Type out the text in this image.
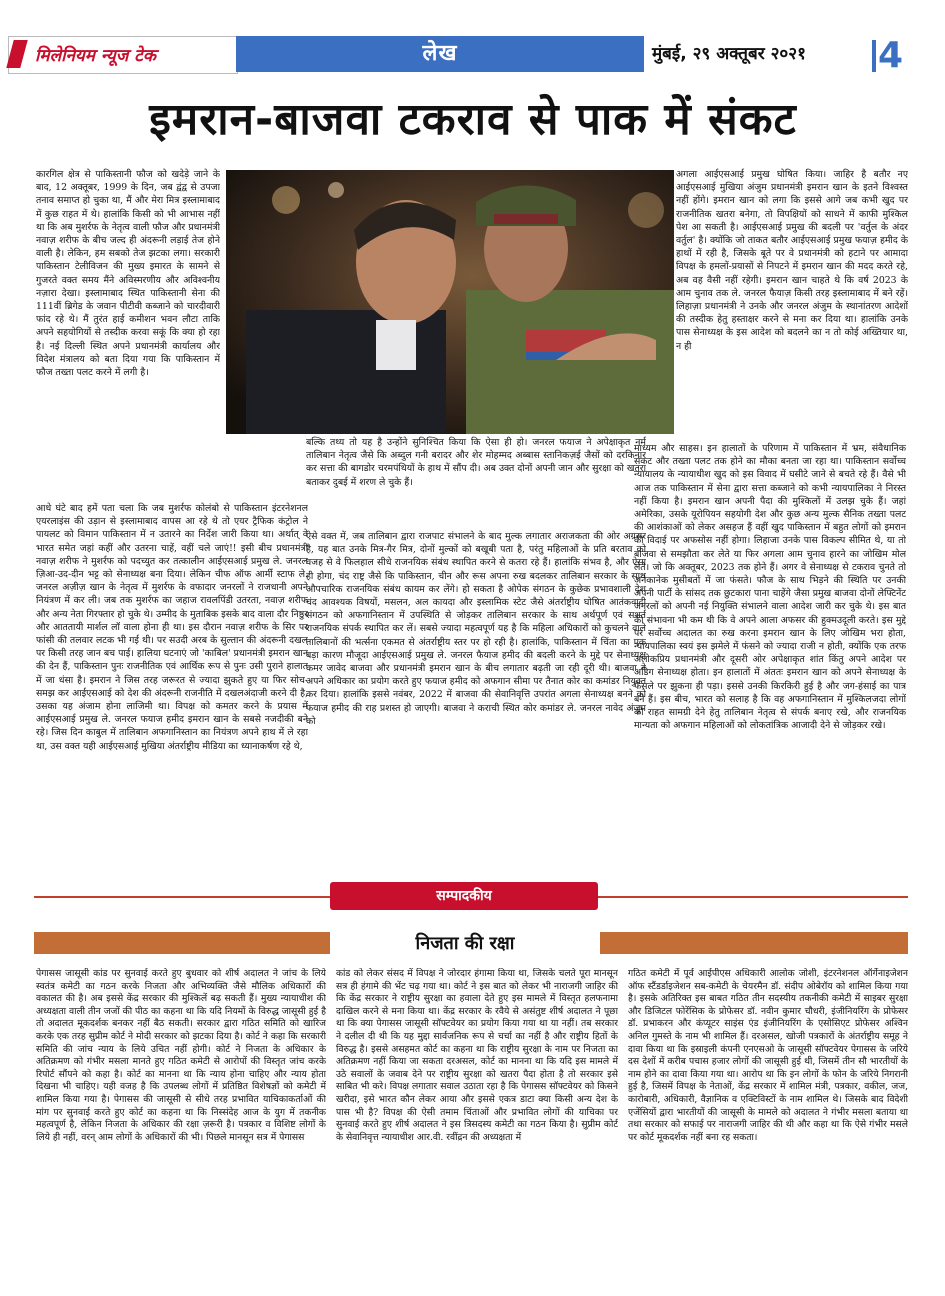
मिलेनियम न्यूज टेक	लेख	मुंबई, २९ अक्तूबर २०२१	4
इमरान-बाजवा टकराव से पाक में संकट

कारगिल क्षेत्र से पाकिस्तानी फौज को खदेड़े जाने के बाद, 12 अक्तूबर, 1999 के दिन, जब द्वंद्व से उपजा तनाव समाप्त हो चुका था, मैं और मेरा मित्र इस्लामाबाद में कुछ राहत में थे। हालांकि किसी को भी आभास नहीं था कि अब मुशर्रफ के नेतृत्व वाली फौज और प्रधानमंत्री नवाज़ शरीफ के बीच जल्द ही अंदरूनी लड़ाई तेज होने वाली है। लेकिन, हम सबको तेज झटका लगा। सरकारी पाकिस्तान टेलीविजन की मुख्य इमारत के सामने से गुजरते वक्त समय मैंने अविस्मरणीय और अविश्वनीय नज़ारा देखा। इस्लामाबाद स्थित पाकिस्तानी सेना की 111वीं ब्रिगेड के जवान पीटीवी कब्जाने को चारदीवारी फांद रहे थे। मैं तुरंत हाई कमीशन भवन लौटा ताकि अपने सहयोगियों से तस्दीक करवा सकूं कि क्या हो रहा है। नई दिल्ली स्थित अपने प्रधानमंत्री कार्यालय और विदेश मंत्रालय को बता दिया गया कि पाकिस्तान में फौज तख्ता पलट करने में लगी है।

बल्कि तथ्य तो यह है उन्होंने सुनिश्चित किया कि ऐसा ही हो। जनरल फयाज ने अपेक्षाकृत नर्म तालिबान नेतृत्व जैसे कि अब्दुल गनी बरादर और शेर मोहम्मद अब्बास स्तानिकज़ई जैसों को दरकिनार कर सत्ता की बागडोर चरमपंथियों के हाथ में सौंप दी। अब उक्त दोनों अपनी जान और सुरक्षा को खतरा बताकर दुबई में शरण ले चुके हैं।

आधे घंटे बाद हमें पता चला कि जब मुशर्रफ कोलंबो से पाकिस्तान इंटरनेशनल एयरलाइंस की उड़ान से इस्लामाबाद वापस आ रहे थे तो एयर ट्रैफिक कंट्रोल ने पायलट को विमान पाकिस्तान में न उतारने का निर्देश जारी किया था। अर्थात्‌ वे भारत समेत जहां कहीं और उतरना चाहें, वहीं चले जाएं!! इसी बीच प्रधानमंत्री नवाज़ शरीफ ने मुशर्रफ को पदच्युत कर तत्कालीन आईएसआई प्रमुख ले. जनरल ज़िआ-उद-दीन भट्ट को सेनाध्यक्ष बना दिया। लेकिन चीफ ऑफ आर्मी स्टाफ ले. जनरल अज़ीज़ खान के नेतृत्व में मुशर्रफ के वफादार जनरलों ने राजधानी अपने नियंत्रण में कर ली। जब तक मुशर्रफ का जहाज रावलपिंडी उतरता, नवाज़ शरीफ और अन्य नेता गिरफ्तार हो चुके थे। उम्मीद के मुताबिक इसके बाद वाला दौर निष्ठुर और आततायी मार्शल लॉ वाला होना ही था। इस दौरान नवाज़ शरीफ के सिर पर फांसी की तलवार लटक भी गई थी। पर सउदी अरब के सुल्तान की अंदरूनी दखल पर किसी तरह जान बच पाई। हालिया घटनाएं जो 'काबिल' प्रधानमंत्री इमरान खान की देन हैं, पाकिस्तान पुनः राजनीतिक एवं आर्थिक रूप से पुनः उसी पुराने हालात में जा धंसा है। इमरान ने जिस तरह जरूरत से ज्यादा झुकते हुए या फिर सोच-समझ कर आईएसआई को देश की अंदरूनी राजनीति में दखलअंदाजी करने दी है, उसका यह अंजाम होना लाजिमी था। विपक्ष को कमतर करने के प्रयास में आईएसआई प्रमुख ले. जनरल फयाज हमीद इमरान खान के सबसे नजदीकी बने रहे। जिस दिन काबुल में तालिबान अफगानिस्तान का नियंत्रण अपने हाथ में ले रहा था, उस वक्त यही आईएसआई मुखिया अंतर्राष्ट्रीय मीडिया का ध्यानाकर्षण रहे थे,

ऐसे वक्त में, जब तालिबान द्वारा राजपाट संभालने के बाद मुल्क लगातार अराजकता की ओर अग्रसर है, यह बात उनके मित्र-गैर मित्र, दोनों मुल्कों को बखूबी पता है, परंतु महिलाओं के प्रति बरताव को वजह से वे फिलहाल सीधे राजनयिक संबंध स्थापित करने से कतरा रहे हैं। हालांकि संभव है, और ऐसा ही होगा, चंद राष्ट्र जैसे कि पाकिस्तान, चीन और रूस अपना रुख बदलकर तालिबान सरकार के साथ औपचारिक राजनयिक संबंध कायम कर लेंगे। हो सकता है ओपेक संगठन के कुछेक प्रभावशाली देश चंद आवश्यक विषयों, मसलन, अल कायदा और इस्लामिक स्टेट जैसे अंतर्राष्ट्रीय घोषित आतंकवादी संगठन को अफगानिस्तान में उपस्थिति से जोड़कर तालिबान सरकार के साथ अर्थपूर्ण एवं सशर्त राजनयिक संपर्क स्थापित कर लें। सबसे ज्यादा महत्वपूर्ण यह है कि महिला अधिकारों को कुचलने वाले तालिबानों की भर्त्सना एकमत से अंतर्राष्ट्रीय स्तर पर हो रही है। हालांकि, पाकिस्तान में चिंता का एक बड़ा कारण मौजूदा आईएसआई प्रमुख ले. जनरल फैयाज हमीद की बदली करने के मुद्दे पर सेनाध्यक्ष कमर जावेद बाजवा और प्रधानमंत्री इमरान खान के बीच लगातार बढ़ती जा रही दूरी थी। बाजवा ने अपने अधिकार का प्रयोग करते हुए फयाज हमीद को अफगान सीमा पर तैनात कोर का कमांडर नियुक्त कर दिया। हालांकि इससे नवंबर, 2022 में बाजवा की सेवानिवृत्ति उपरांत अगला सेनाध्यक्ष बनने को फयाज हमीद की राह प्रशस्त हो जाएगी। बाजवा ने कराची स्थित कोर कमांडर ले. जनरल नावेद अंजुम को

अगला आईएसआई प्रमुख घोषित किया। जाहिर है बतौर नए आईएसआई मुखिया अंजुम प्रधानमंत्री इमरान खान के इतने विश्वस्त नहीं होंगे। इमरान खान को लगा कि इससे आगे जब कभी खुद पर राजनीतिक खतरा बनेगा, तो विपक्षियों को साधने में काफी मुश्किल पेश आ सकती है। आईएसआई प्रमुख की बदली पर 'वर्तुल के अंदर वर्तुल' है। क्योंकि जो ताकत बतौर आईएसआई प्रमुख फयाज़ हमीद के हाथों में रही है, जिसके बूते पर वे प्रधानमंत्री को हटाने पर आमादा विपक्ष के हमलों-प्रयासों से निपटने में इमरान खान की मदद करते रहे, अब वह वैसी नहीं रहेगी। इमरान खान चाहते थे कि वर्ष 2023 के आम चुनाव तक ले. जनरल फैयाज़ किसी तरह इस्लामाबाद में बने रहें। लिहाज़ा प्रधानमंत्री ने उनके और जनरल अंजुम के स्थानांतरण आदेशों की तस्दीक हेतु हस्ताक्षर करने से मना कर दिया था। हालांकि उनके पास सेनाध्यक्ष के इस आदेश को बदलने का न तो कोई अख्तियार था, न ही

माध्यम और साहस। इन हालातों के परिणाम में पाकिस्तान में भ्रम, संवैधानिक संकट और तख्ता पलट तक होने का मौका बनता जा रहा था। पाकिस्तान सर्वोच्च न्यायालय के न्यायाधीश खुद को इस विवाद में घसीटे जाने से बचते रहे हैं। वैसे भी आज तक पाकिस्तान में सेना द्वारा सत्ता कब्जाने को कभी न्यायपालिका ने निरस्त नहीं किया है। इमरान खान अपनी पैदा की मुश्किलों में उलझ चुके हैं। जहां अमेरिका, उसके यूरोपियन सहयोगी देश और कुछ अन्य मुल्क सैनिक तख्ता पलट की आशंकाओं को लेकर असहज हैं वहीं खुद पाकिस्तान में बहुत लोगों को इमरान की विदाई पर अफसोस नहीं होगा। लिहाजा उनके पास विकल्प सीमित थे, या तो बाजवा से समझौता कर लेते या फिर अगला आम चुनाव हारने का जोखिम मोल लेते। जो कि अक्तूबर, 2023 तक होने हैं। अगर वे सेनाध्यक्ष से टकराव चुनते तो अनेकानेक मुसीबतों में जा फंसते। फौज के साथ भिड़ने की स्थिति पर उनकी अपनी पार्टी के सांसद तक छुटकारा पाना चाहेंगे जैसा प्रमुख बाजवा दोनों लेफ्टिनेंट जनरलों को अपनी नई नियुक्ति संभालने वाला आदेश जारी कर चुके थे। इस बात की संभावना भी कम थी कि वे अपने आला अफसर की हुक्मउदूली करते। इस मुद्दे पर सर्वोच्च अदालत का रुख करना इमरान खान के लिए जोखिम भरा होता, न्यायपालिका स्वयं इस झमेले में फंसने को ज्यादा राजी न होती, क्योंकि एक तरफ अलोकप्रिय प्रधानमंत्री और दूसरी ओर अपेक्षाकृत शांत किंतु अपने आदेश पर अडिग सेनाध्यक्ष होता। इन हालातों में अंततः इमरान खान को अपने सेनाध्यक्ष के फैसले पर झुकना ही पड़ा। इससे उनकी किरकिरी हुई है और जग-हंसाई का पात्र बने हैं। इस बीच, भारत को सलाह है कि वह अफगानिस्तान में मुश्किलजदा लोगों को राहत सामग्री देने हेतु तालिबान नेतृत्व से संपर्क बनाए रखे, और राजनयिक मान्यता को अफगान महिलाओं को लोकतांत्रिक आजादी देने से जोड़कर रखे।

सम्पादकीय
निजता की रक्षा

पेगासस जासूसी कांड पर सुनवाई करते हुए बुधवार को शीर्ष अदालत ने जांच के लिये स्वतंत्र कमेटी का गठन करके निजता और अभिव्यक्ति जैसे मौलिक अधिकारों की वकालत की है। अब इससे केंद्र सरकार की मुश्किलें बढ़ सकती हैं। मुख्य न्यायाधीश की अध्यक्षता वाली तीन जजों की पीठ का कहना था कि यदि नियमों के विरुद्ध जासूसी हुई है तो अदालत मूकदर्शक बनकर नहीं बैठ सकती। सरकार द्वारा गठित समिति को खारिज करके एक तरह सुप्रीम कोर्ट ने मोदी सरकार को झटका दिया है। कोर्ट ने कहा कि सरकारी समिति की जांच न्याय के लिये उचित नहीं होगी। कोर्ट ने निजता के अधिकार के अतिक्रमण को गंभीर मसला मानते हुए गठित कमेटी से आरोपों की विस्तृत जांच करके रिपोर्ट सौंपने को कहा है। कोर्ट का मानना था कि न्याय होना चाहिए और न्याय होता दिखना भी चाहिए। यही वजह है कि उपलब्ध लोगों में प्रतिष्ठित विशेषज्ञों को कमेटी में शामिल किया गया है। पेगासस की जासूसी से सीधे तरह प्रभावित याचिकाकर्ताओं की मांग पर सुनवाई करते हुए कोर्ट का कहना था कि निस्संदेह आज के युग में तकनीक महत्वपूर्ण है, लेकिन निजता के अधिकार की रक्षा ज़रूरी है। पत्रकार व विशिष्ट लोगों के लिये ही नहीं, वरन्‌ आम लोगों के अधिकारों की भी। पिछले मानसून सत्र में पेगासस

कांड को लेकर संसद में विपक्ष ने जोरदार हंगामा किया था, जिसके चलते पूरा मानसून सत्र ही हंगामे की भेंट चढ़ गया था। कोर्ट ने इस बात को लेकर भी नाराजगी जाहिर की कि केंद्र सरकार ने राष्ट्रीय सुरक्षा का हवाला देते हुए इस मामले में विस्तृत हलफनामा दाखिल करने से मना किया था। केंद्र सरकार के रवैये से असंतुष्ट शीर्ष अदालत ने पूछा था कि क्या पेगासस जासूसी सॉफ्टवेयर का प्रयोग किया गया था या नहीं। तब सरकार ने दलील दी थी कि यह मुद्दा सार्वजनिक रूप से चर्चा का नहीं है और राष्ट्रीय हितों के विरुद्ध है। इससे असहमत कोर्ट का कहना था कि राष्ट्रीय सुरक्षा के नाम पर निजता का अतिक्रमण नहीं किया जा सकता दरअसल, कोर्ट का मानना था कि यदि इस मामले में उठे सवालों के जवाब देने पर राष्ट्रीय सुरक्षा को खतरा पैदा होता है तो सरकार इसे साबित भी करे। विपक्ष लगातार सवाल उठाता रहा है कि पेगासस सॉफ्टवेयर को किसने खरीदा, इसे भारत कौन लेकर आया और इससे एकत्र डाटा क्या किसी अन्य देश के पास भी है? विपक्ष की ऐसी तमाम चिंताओं और प्रभावित लोगों की याचिका पर सुनवाई करते हुए शीर्ष अदालत ने इस त्रिसदस्य कमेटी का गठन किया है। सुप्रीम कोर्ट के सेवानिवृत्त न्यायाधीश आर.वी. रवींद्रन की अध्यक्षता में

गठित कमेटी में पूर्व आईपीएस अधिकारी आलोक जोशी, इंटरनेशनल ऑर्गेनाइजेशन ऑफ स्टैंडर्डाइजेशन सब-कमेटी के चेयरमैन डॉ. संदीप ओबेरॉय को शामिल किया गया है। इसके अतिरिक्त इस बाबत गठित तीन सदस्यीय तकनीकी कमेटी में साइबर सुरक्षा और डिजिटल फोरेंसिक के प्रोफेसर डॉ. नवीन कुमार चौधरी, इंजीनियरिंग के प्रोफेसर डॉ. प्रभाकरन और कंप्यूटर साइंस एंड इंजीनियरिंग के एसोसिएट प्रोफेसर अश्विन अनिल गुमस्ते के नाम भी शामिल हैं। दरअसल, खोजी पत्रकारों के अंतर्राष्ट्रीय समूह ने दावा किया था कि इस्राइली कंपनी एनएसओ के जासूसी सॉफ्टवेयर पेगासस के जरिये दस देशों में करीब पचास हजार लोगों की जासूसी हुई थी, जिसमें तीन सौ भारतीयों के नाम होने का दावा किया गया था। आरोप था कि इन लोगों के फोन के जरिये निगरानी हुई है, जिसमें विपक्ष के नेताओं, केंद्र सरकार में शामिल मंत्री, पत्रकार, वकील, जज, कारोबारी, अधिकारी, वैज्ञानिक व एक्टिविस्टों के नाम शामिल थे। जिसके बाद विदेशी एजेंसियों द्वारा भारतीयों की जासूसी के मामले को अदालत ने गंभीर मसला बताया था तथा सरकार को सफाई पर नाराजगी जाहिर की थी और कहा था कि ऐसे गंभीर मसले पर कोर्ट मूकदर्शक नहीं बना रह सकता।
